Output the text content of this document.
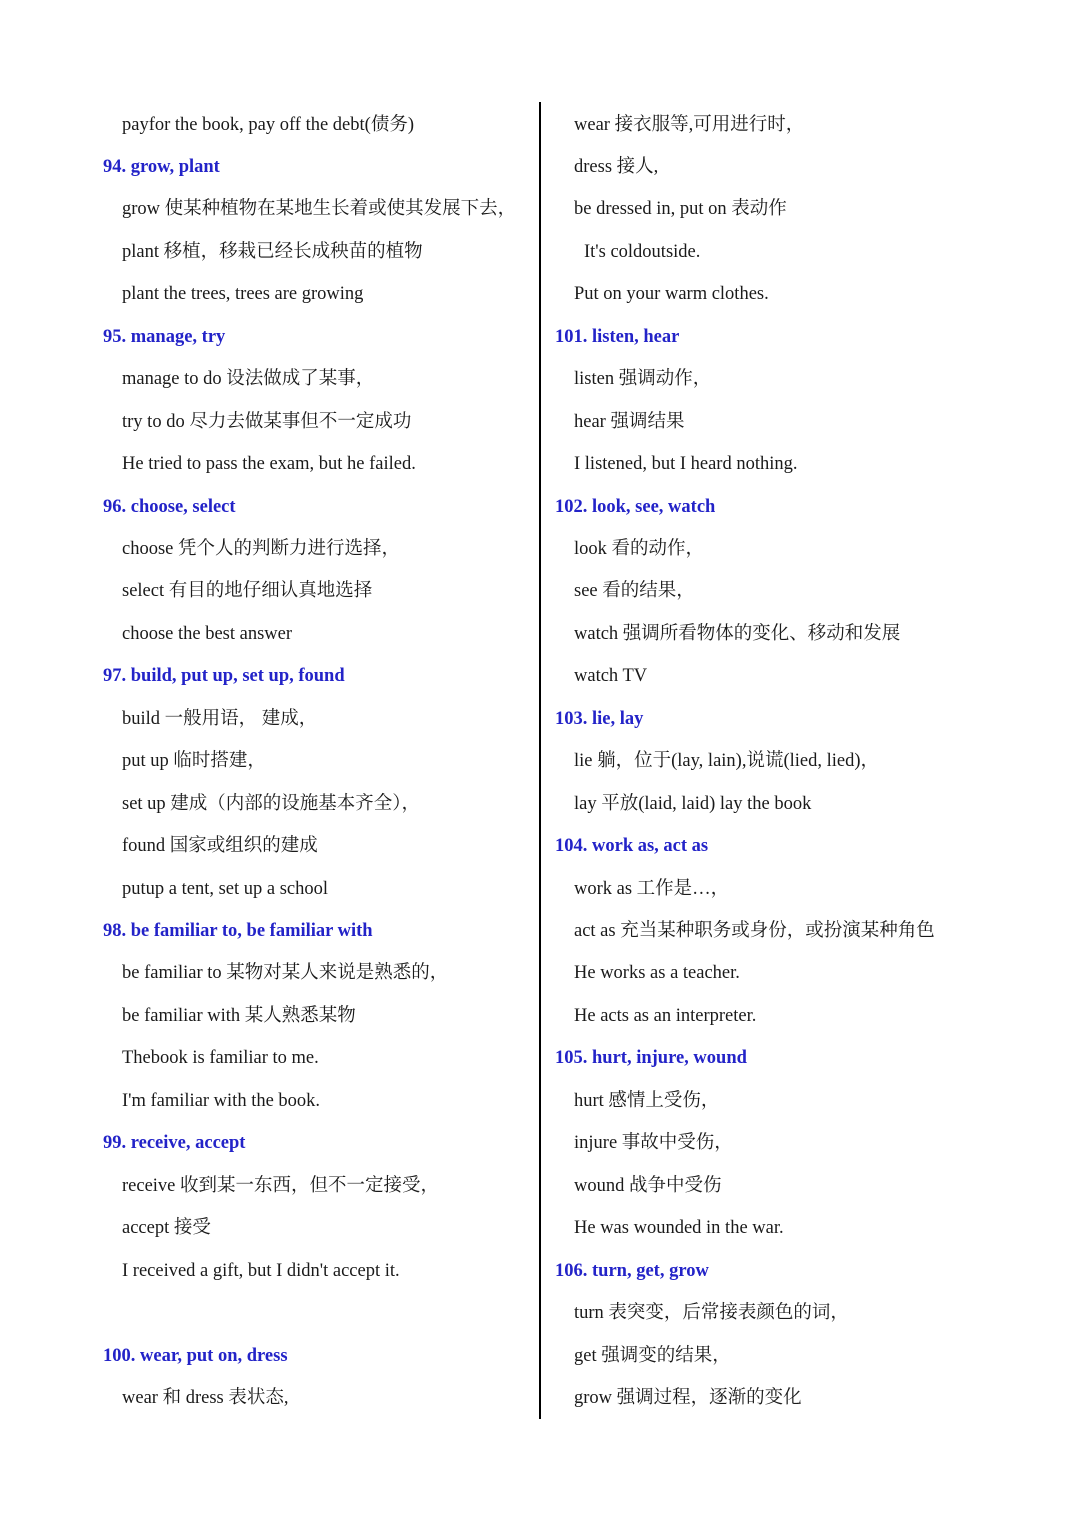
payfor the book, pay off the debt(债务)
94. grow, plant
grow 使某种植物在某地生长着或使其发展下去，
plant 移植，移栽已经长成秧苗的植物
plant the trees, trees are growing
95. manage, try
manage to do 设法做成了某事，
try to do 尽力去做某事但不一定成功
He tried to pass the exam, but he failed.
96. choose, select
choose 凭个人的判断力进行选择，
select 有目的地仔细认真地选择
choose the best answer
97. build, put up, set up, found
build 一般用语， 建成，
put up 临时搭建，
set up 建成（内部的设施基本齐全），
found 国家或组织的建成
putup a tent, set up a school
98. be familiar to, be familiar with
be familiar to 某物对某人来说是熟悉的，
be familiar with 某人熟悉某物
Thebook is familiar to me.
I'm familiar with the book.
99. receive, accept
receive 收到某一东西，但不一定接受，
accept 接受
I received a gift, but I didn't accept it.
100. wear, put on, dress
wear 和 dress 表状态,
wear 接衣服等,可用进行时，
dress 接人,
be dressed in, put on 表动作
It's coldoutside.
Put on your warm clothes.
101. listen, hear
listen 强调动作，
hear 强调结果
I listened, but I heard nothing.
102. look, see, watch
look 看的动作，
see 看的结果，
watch 强调所看物体的变化、移动和发展
watch TV
103. lie, lay
lie 躺，位于(lay, lain),说谎(lied, lied)，
lay 平放(laid, laid) lay the book
104. work as, act as
work as 工作是…，
act as 充当某种职务或身份，或扮演某种角色
He works as a teacher.
He acts as an interpreter.
105. hurt, injure, wound
hurt 感情上受伤，
injure 事故中受伤，
wound 战争中受伤
He was wounded in the war.
106. turn, get, grow
turn 表突变，后常接表颜色的词，
get 强调变的结果，
grow 强调过程，逐渐的变化
